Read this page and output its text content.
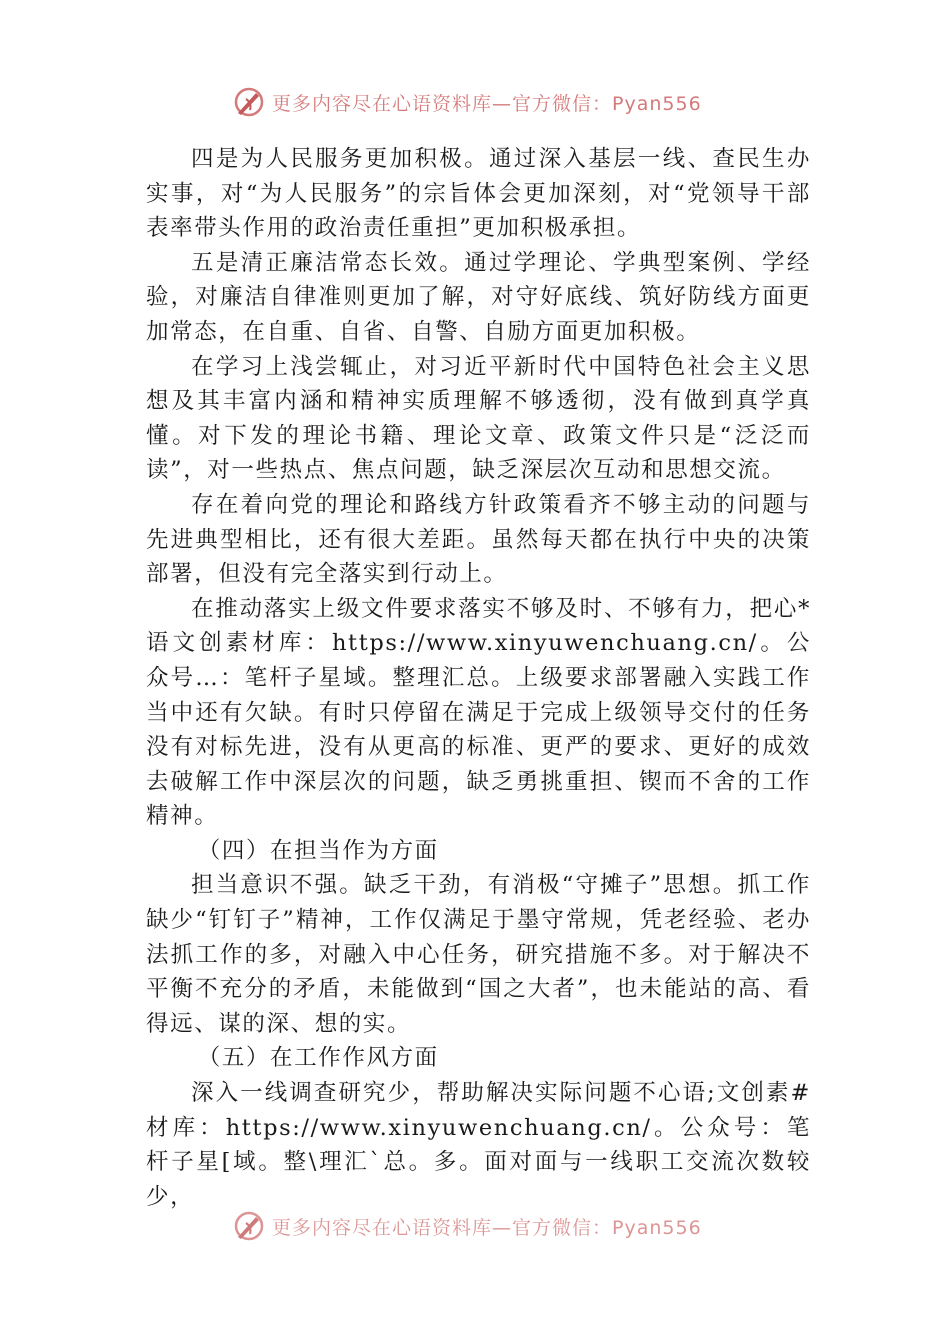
更多内容尽在心语资料库—官方微信：Pyan556

四是为人民服务更加积极。通过深入基层一线、查民生办实事，对“为人民服务”的宗旨体会更加深刻，对“党领导干部表率带头作用的政治责任重担”更加积极承担。

五是清正廉洁常态长效。通过学理论、学典型案例、学经验，对廉洁自律准则更加了解，对守好底线、筑好防线方面更加常态，在自重、自省、自警、自励方面更加积极。

在学习上浅尝辄止，对习近平新时代中国特色社会主义思想及其丰富内涵和精神实质理解不够透彻，没有做到真学真懂。对下发的理论书籍、理论文章、政策文件只是“泛泛而读”，对一些热点、焦点问题，缺乏深层次互动和思想交流。

存在着向党的理论和路线方针政策看齐不够主动的问题与先进典型相比，还有很大差距。虽然每天都在执行中央的决策部署，但没有完全落实到行动上。

在推动落实上级文件要求落实不够及时、不够有力，把心*语文创素材库：https://www.xinyuwenchuang.cn/。公众号…：笔杆子星域。整理汇总。上级要求部署融入实践工作当中还有欠缺。有时只停留在满足于完成上级领导交付的任务没有对标先进，没有从更高的标准、更严的要求、更好的成效去破解工作中深层次的问题，缺乏勇挑重担、锲而不舍的工作精神。

（四）在担当作为方面

担当意识不强。缺乏干劲，有消极“守摊子”思想。抓工作缺少“钉钉子”精神，工作仅满足于墨守常规，凭老经验、老办法抓工作的多，对融入中心任务，研究措施不多。对于解决不平衡不充分的矛盾，未能做到“国之大者”，也未能站的高、看得远、谋的深、想的实。

（五）在工作作风方面

深入一线调查研究少，帮助解决实际问题不心语;文创素#材库：https://www.xinyuwenchuang.cn/。公众号：笔杆子星[域。整\理汇`总。多。面对面与一线职工交流次数较少，

更多内容尽在心语资料库—官方微信：Pyan556
